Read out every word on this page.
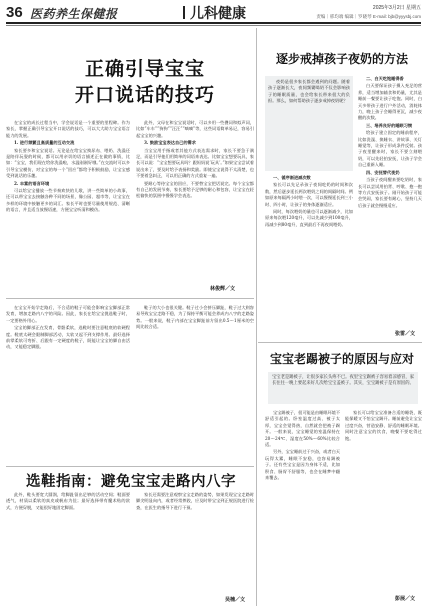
36 医药养生保健报	儿科健康	2025年3月2日 星期五
责编｜邢均端 编辑｜罗晓琴 E-mail: bjb@yyysbj.com
正确引导宝宝
开口说话的技巧

在宝宝的成长过程当中，学会说话是一个重要的里程碑。作为家长，掌握正确引导宝宝开口说话的技巧，可以大大助力宝宝语言能力的发展。

1. 进行频繁且高质量的互动交流

家长要多和宝宝说话。无论是在给宝宝换尿布、喂奶、洗澡还是陪伴玩耍的时候，都可以用亲切的语言描述正在做的事情，比如：“宝宝，我们现在给你洗澡啦，水温刚刚好哦。”在交流时可以多引导宝宝模仿，对宝宝的每一个“回应”都给予积极鼓励，让宝宝感受到说话的乐趣。

2. 丰富的语言环境

可以给宝宝播放一些节奏欢快的儿歌，讲一些简单的小故事，还可以带宝宝去接触各种不同的场景，像公园、超市等，让宝宝在多样的环境中接触更多的词汇。家长平时也要尽量使用规范、清晰的语言，并且适当放慢语速，方便宝宝听清和模仿。

此外，父母在和宝宝说话时，可以多用一些叠词和拟声词，比如“车车”“狗狗”“汪汪”“嘀嘀”等，这些词语简单易记，容易引起宝宝的兴趣。

3. 鼓励宝宝表达自己的需求

当宝宝用手指或者其他方式表达需求时，家长不要急于满足，而是引导他们用简单的词语来表达。比如宝宝想要玩具，家长可以说：“宝宝想要玩具吗？跟妈妈说‘玩具’。”如果宝宝尝试着说出来了，要及时给予表扬和奖励。即使宝宝说得不太清楚，也不要着急纠正，可以用正确的方式重复一遍。

要耐心等待宝宝的回应，不要替宝宝把话说完。每个宝宝都有自己的发展节奏，家长要给予足够的耐心和包容，让宝宝在轻松愉快的氛围中慢慢学会表达。

林俊辉／文
逐步戒掉孩子夜奶的方法

夜奶是很多家长都会遇到的问题。随着孩子逐渐长大，夜间频繁喝奶不仅会影响孩子的睡眠质量，也会给家长带来很大的负担。那么，如何帮助孩子逐步戒掉夜奶呢？

一、循序渐进减次数

家长可以先记录孩子夜间吃奶的时间和次数，然后逐步延长两次喂奶之间的间隔时间。例如原来每隔两小时喂一次，可以慢慢延长到三小时、四小时，让孩子的身体逐渐适应。

同时，每次喂奶的量也可以逐渐减少，比如原来每次喂120毫升，可以先减少到100毫升，再减少到80毫升，直到最后不再夜间喂奶。

二、白天吃饱睡得香

白天要保证孩子摄入充足的营养，适当增加辅食和奶量，尤其是睡前一餐要让孩子吃饱。同时，白天多带孩子进行户外活动，消耗体力，晚上孩子会睡得更沉，减少夜醒的次数。

三、培养良好的睡眠习惯

给孩子建立固定的睡前程序，比如洗澡、换睡衣、讲故事、关灯睡觉等，让孩子形成条件反射。孩子夜里醒来时，家长不要立刻喂奶，可以先轻拍安抚，让孩子学会自己重新入睡。

四、安抚替代夜奶

当孩子夜间醒来要吃奶时，家长可以尝试用拍背、哼歌、抱一抱等方式安抚孩子。刚开始孩子可能会哭闹，家长要有耐心，坚持几天后孩子就会慢慢适应。

张雷／文
宝宝老踢被子的原因与应对
宝宝老是踢被子，让很多家长头疼不已。夜里宝宝踢被子容易着凉感冒，家长往往一晚上要起来好几次给宝宝盖被子。其实，宝宝踢被子是有原因的。

宝宝踢被子，很可能是由睡眠环境不舒适引起的。卧室温度过高、被子太厚，宝宝会觉得热，自然就会把被子踢开。一般来说，宝宝睡觉的室温保持在20～24℃、湿度在50%～60%比较合适。

另外，宝宝睡前过于兴奋，或者白天玩得太累，睡眠不安稳，也容易踢被子。还有些宝宝是因为身体不适，比如积食、肠胃不舒服等，也会在睡梦中翻来覆去。

家长可以给宝宝准备合适的睡袋，既能保暖又不怕宝宝踢开。睡前避免让宝宝过度兴奋，营造安静、舒适的睡眠环境。同时注意宝宝的饮食，晚餐不要吃得过饱。

彭展／文

在宝宝开始学走路后，不合适的鞋子可能会影响宝宝脚部正常发育，增加走路内八字的风险。因此，家长在给宝宝挑选鞋子时，一定要格外用心。

宝宝的脚部正在发育，骨骼柔软，选鞋时要注意鞋底的软硬程度。鞋底太硬会限制脚部活动，太软又起不到支撑作用。最好选择前掌柔软可弯折、后跟有一定硬度的鞋子，既能让宝宝的脚自由活动，又能稳定脚跟。

鞋子的大小也很关键。鞋子过小会挤压脚趾，鞋子过大则容易导致宝宝走路不稳，为了保持平衡可能会养成内八字的走路姿势。一般来说，鞋子内部在宝宝脚趾前方留出0.5～1厘米的空间比较合适。

选鞋指南：避免宝宝走路内八字

此外，鞋头要宽大圆润，给脚趾留出足够的活动空间；鞋面要透气，材质以柔软的真皮或帆布为佳；最好选择带有魔术贴的款式，方便穿脱，又能很好地固定脚面。

家长还需要注意观察宝宝走路的姿势，如果发现宝宝走路时脚尖明显向内，或者经常摔跤，应及时带宝宝到正规医院进行检查，在医生的指导下进行干预。

吴楠／文
